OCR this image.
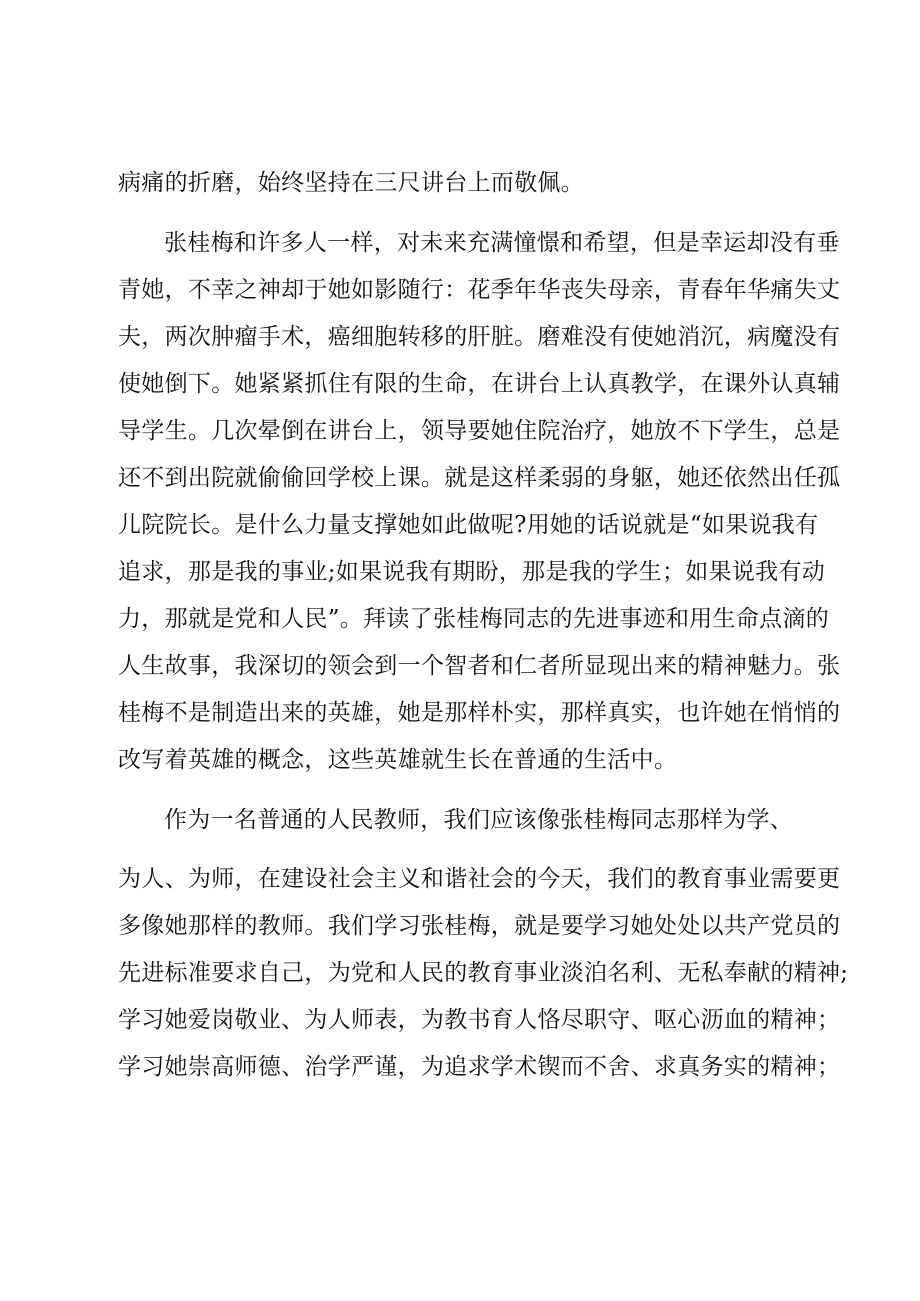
病痛的折磨，始终坚持在三尺讲台上而敬佩。
张桂梅和许多人一样，对未来充满憧憬和希望，但是幸运却没有垂
青她，不幸之神却于她如影随行：花季年华丧失母亲，青春年华痛失丈
夫，两次肿瘤手术，癌细胞转移的肝脏。磨难没有使她消沉，病魔没有
使她倒下。她紧紧抓住有限的生命，在讲台上认真教学，在课外认真辅
导学生。几次晕倒在讲台上，领导要她住院治疗，她放不下学生，总是
还不到出院就偷偷回学校上课。就是这样柔弱的身躯，她还依然出任孤
儿院院长。是什么力量支撑她如此做呢?用她的话说就是“如果说我有
追求，那是我的事业;如果说我有期盼，那是我的学生；如果说我有动
力，那就是党和人民”。拜读了张桂梅同志的先进事迹和用生命点滴的
人生故事，我深切的领会到一个智者和仁者所显现出来的精神魅力。张
桂梅不是制造出来的英雄，她是那样朴实，那样真实，也许她在悄悄的
改写着英雄的概念，这些英雄就生长在普通的生活中。
作为一名普通的人民教师，我们应该像张桂梅同志那样为学、
为人、为师，在建设社会主义和谐社会的今天，我们的教育事业需要更
多像她那样的教师。我们学习张桂梅，就是要学习她处处以共产党员的
先进标准要求自己，为党和人民的教育事业淡泊名利、无私奉献的精神;
学习她爱岗敬业、为人师表，为教书育人恪尽职守、呕心沥血的精神；
学习她崇高师德、治学严谨，为追求学术锲而不舍、求真务实的精神；
